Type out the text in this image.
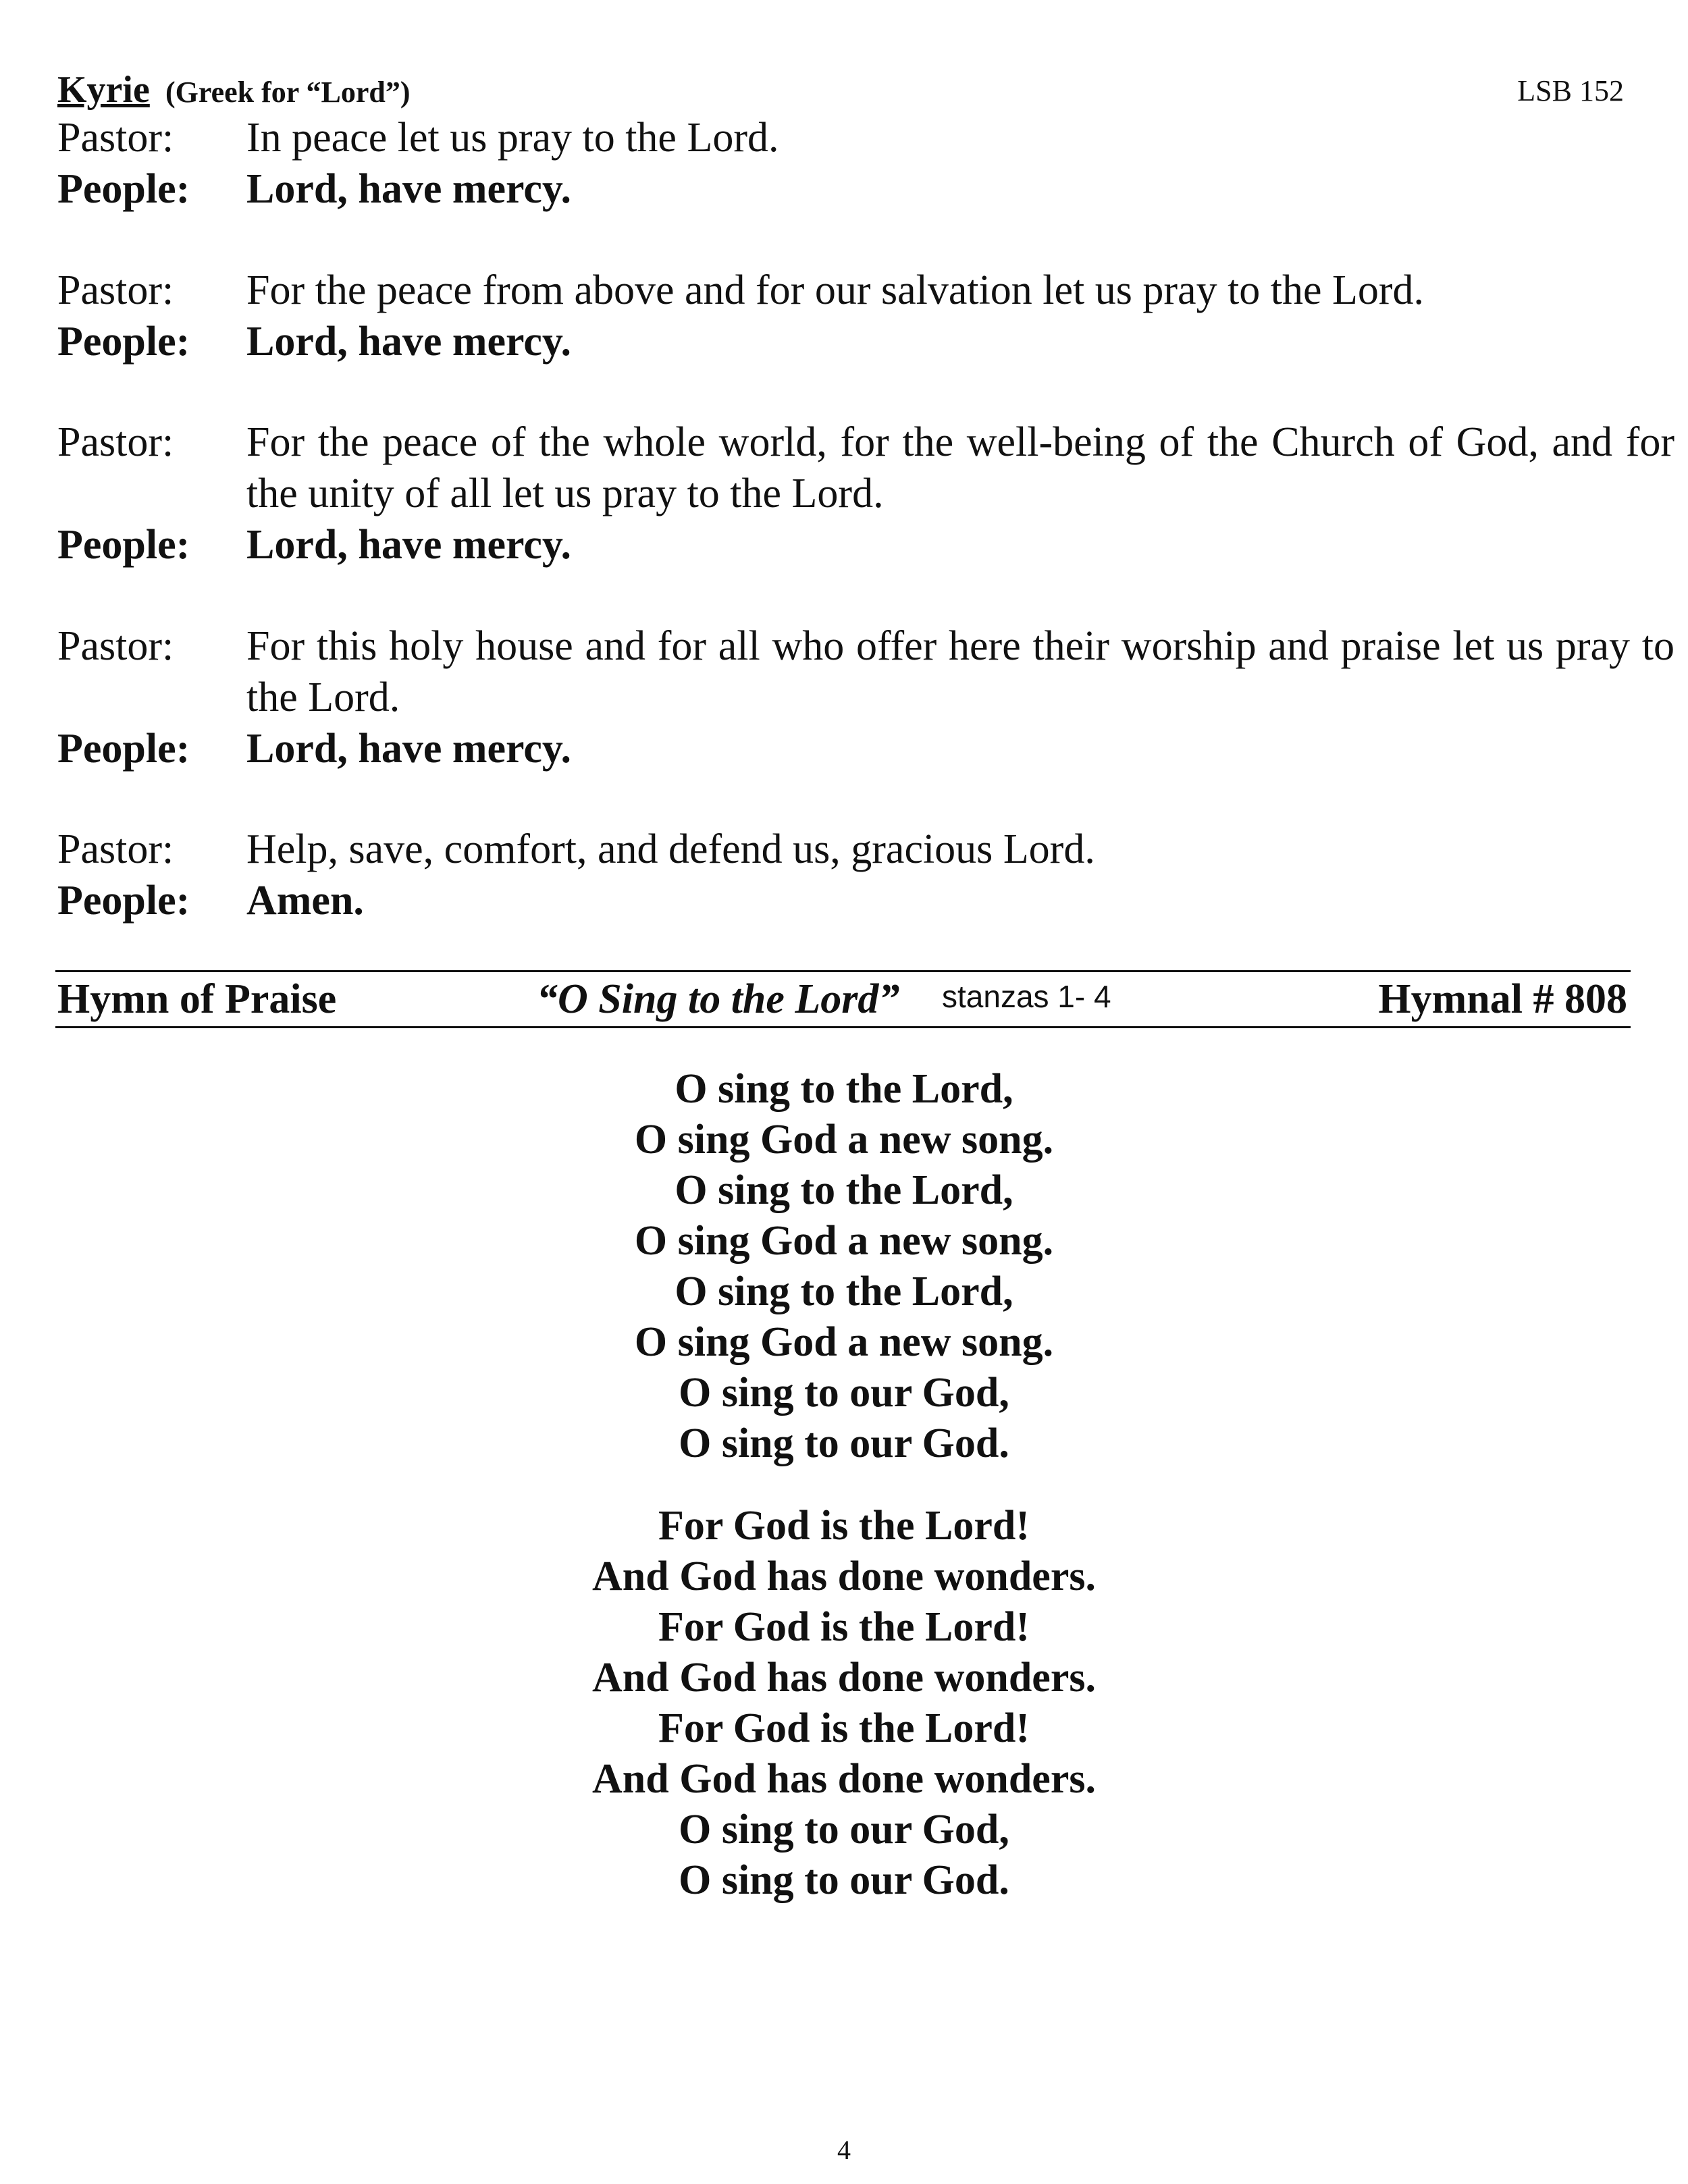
Kyrie (Greek for “Lord”)	LSB 152
Pastor:	In peace let us pray to the Lord.
People:	Lord, have mercy.
Pastor:	For the peace from above and for our salvation let us pray to the Lord.
People:	Lord, have mercy.
Pastor:	For the peace of the whole world, for the well-being of the Church of God, and for the unity of all let us pray to the Lord.
People:	Lord, have mercy.
Pastor:	For this holy house and for all who offer here their worship and praise let us pray to the Lord.
People:	Lord, have mercy.
Pastor:	Help, save, comfort, and defend us, gracious Lord.
People:	Amen.
Hymn of Praise	“O Sing to the Lord” stanzas 1- 4	Hymnal # 808
O sing to the Lord,
O sing God a new song.
O sing to the Lord,
O sing God a new song.
O sing to the Lord,
O sing God a new song.
O sing to our God,
O sing to our God.
For God is the Lord!
And God has done wonders.
For God is the Lord!
And God has done wonders.
For God is the Lord!
And God has done wonders.
O sing to our God,
O sing to our God.
4
